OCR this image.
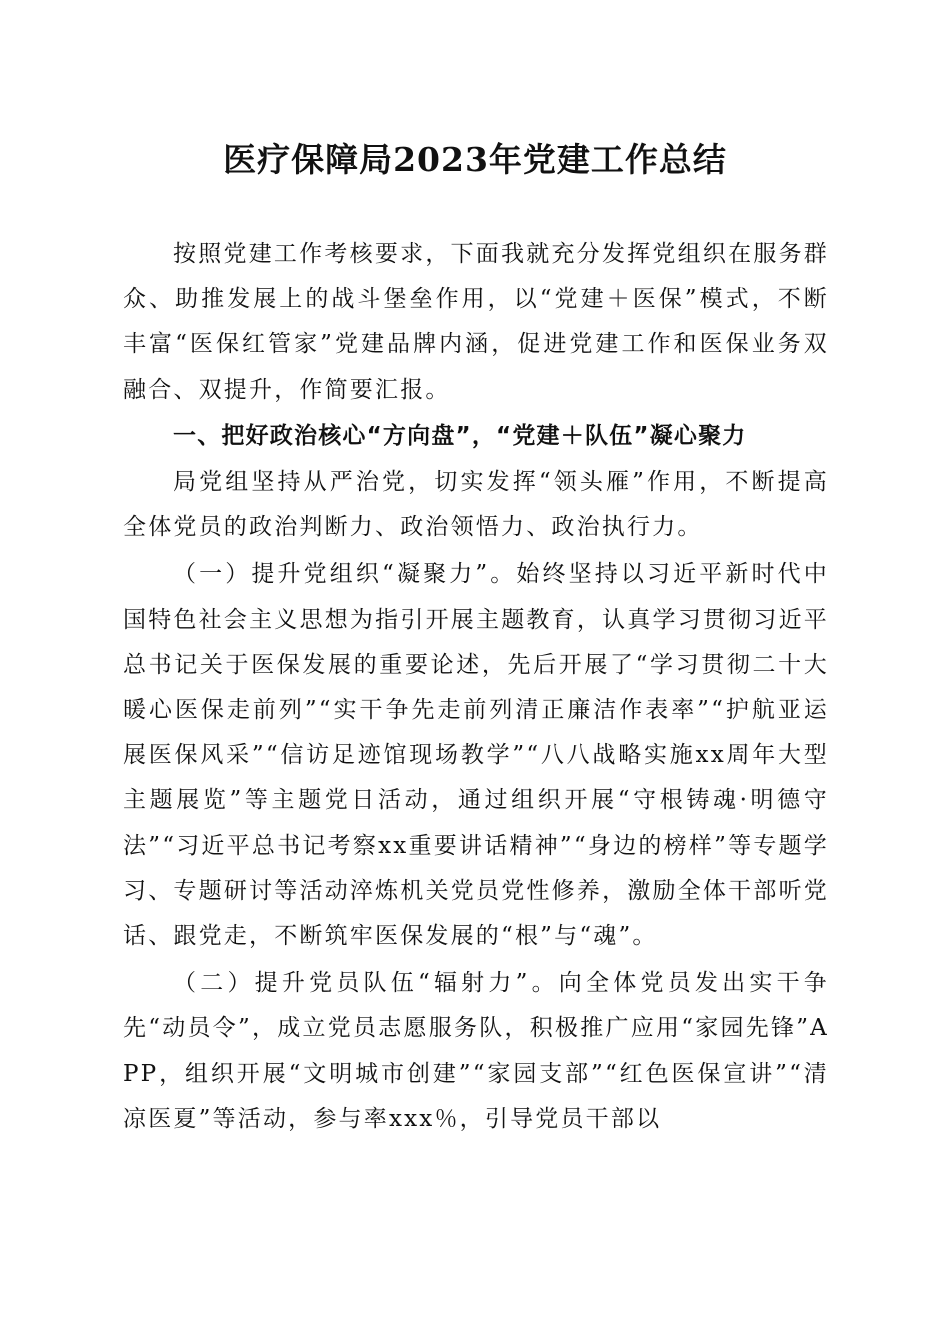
医疗保障局2023年党建工作总结

按照党建工作考核要求，下面我就充分发挥党组织在服务群众、助推发展上的战斗堡垒作用，以“党建＋医保”模式，不断丰富“医保红管家”党建品牌内涵，促进党建工作和医保业务双融合、双提升，作简要汇报。

一、把好政治核心“方向盘”，“党建＋队伍”凝心聚力

局党组坚持从严治党，切实发挥“领头雁”作用，不断提高全体党员的政治判断力、政治领悟力、政治执行力。

（一）提升党组织“凝聚力”。始终坚持以习近平新时代中国特色社会主义思想为指引开展主题教育，认真学习贯彻习近平总书记关于医保发展的重要论述，先后开展了“学习贯彻二十大暖心医保走前列”“实干争先走前列清正廉洁作表率”“护航亚运展医保风采”“信访足迹馆现场教学”“八八战略实施xx周年大型主题展览”等主题党日活动，通过组织开展“守根铸魂·明德守法”“习近平总书记考察xx重要讲话精神”“身边的榜样”等专题学习、专题研讨等活动淬炼机关党员党性修养，激励全体干部听党话、跟党走，不断筑牢医保发展的“根”与“魂”。

（二）提升党员队伍“辐射力”。向全体党员发出实干争先“动员令”，成立党员志愿服务队，积极推广应用“家园先锋”APP，组织开展“文明城市创建”“家园支部”“红色医保宣讲”“清凉医夏”等活动，参与率xxx％，引导党员干部以
